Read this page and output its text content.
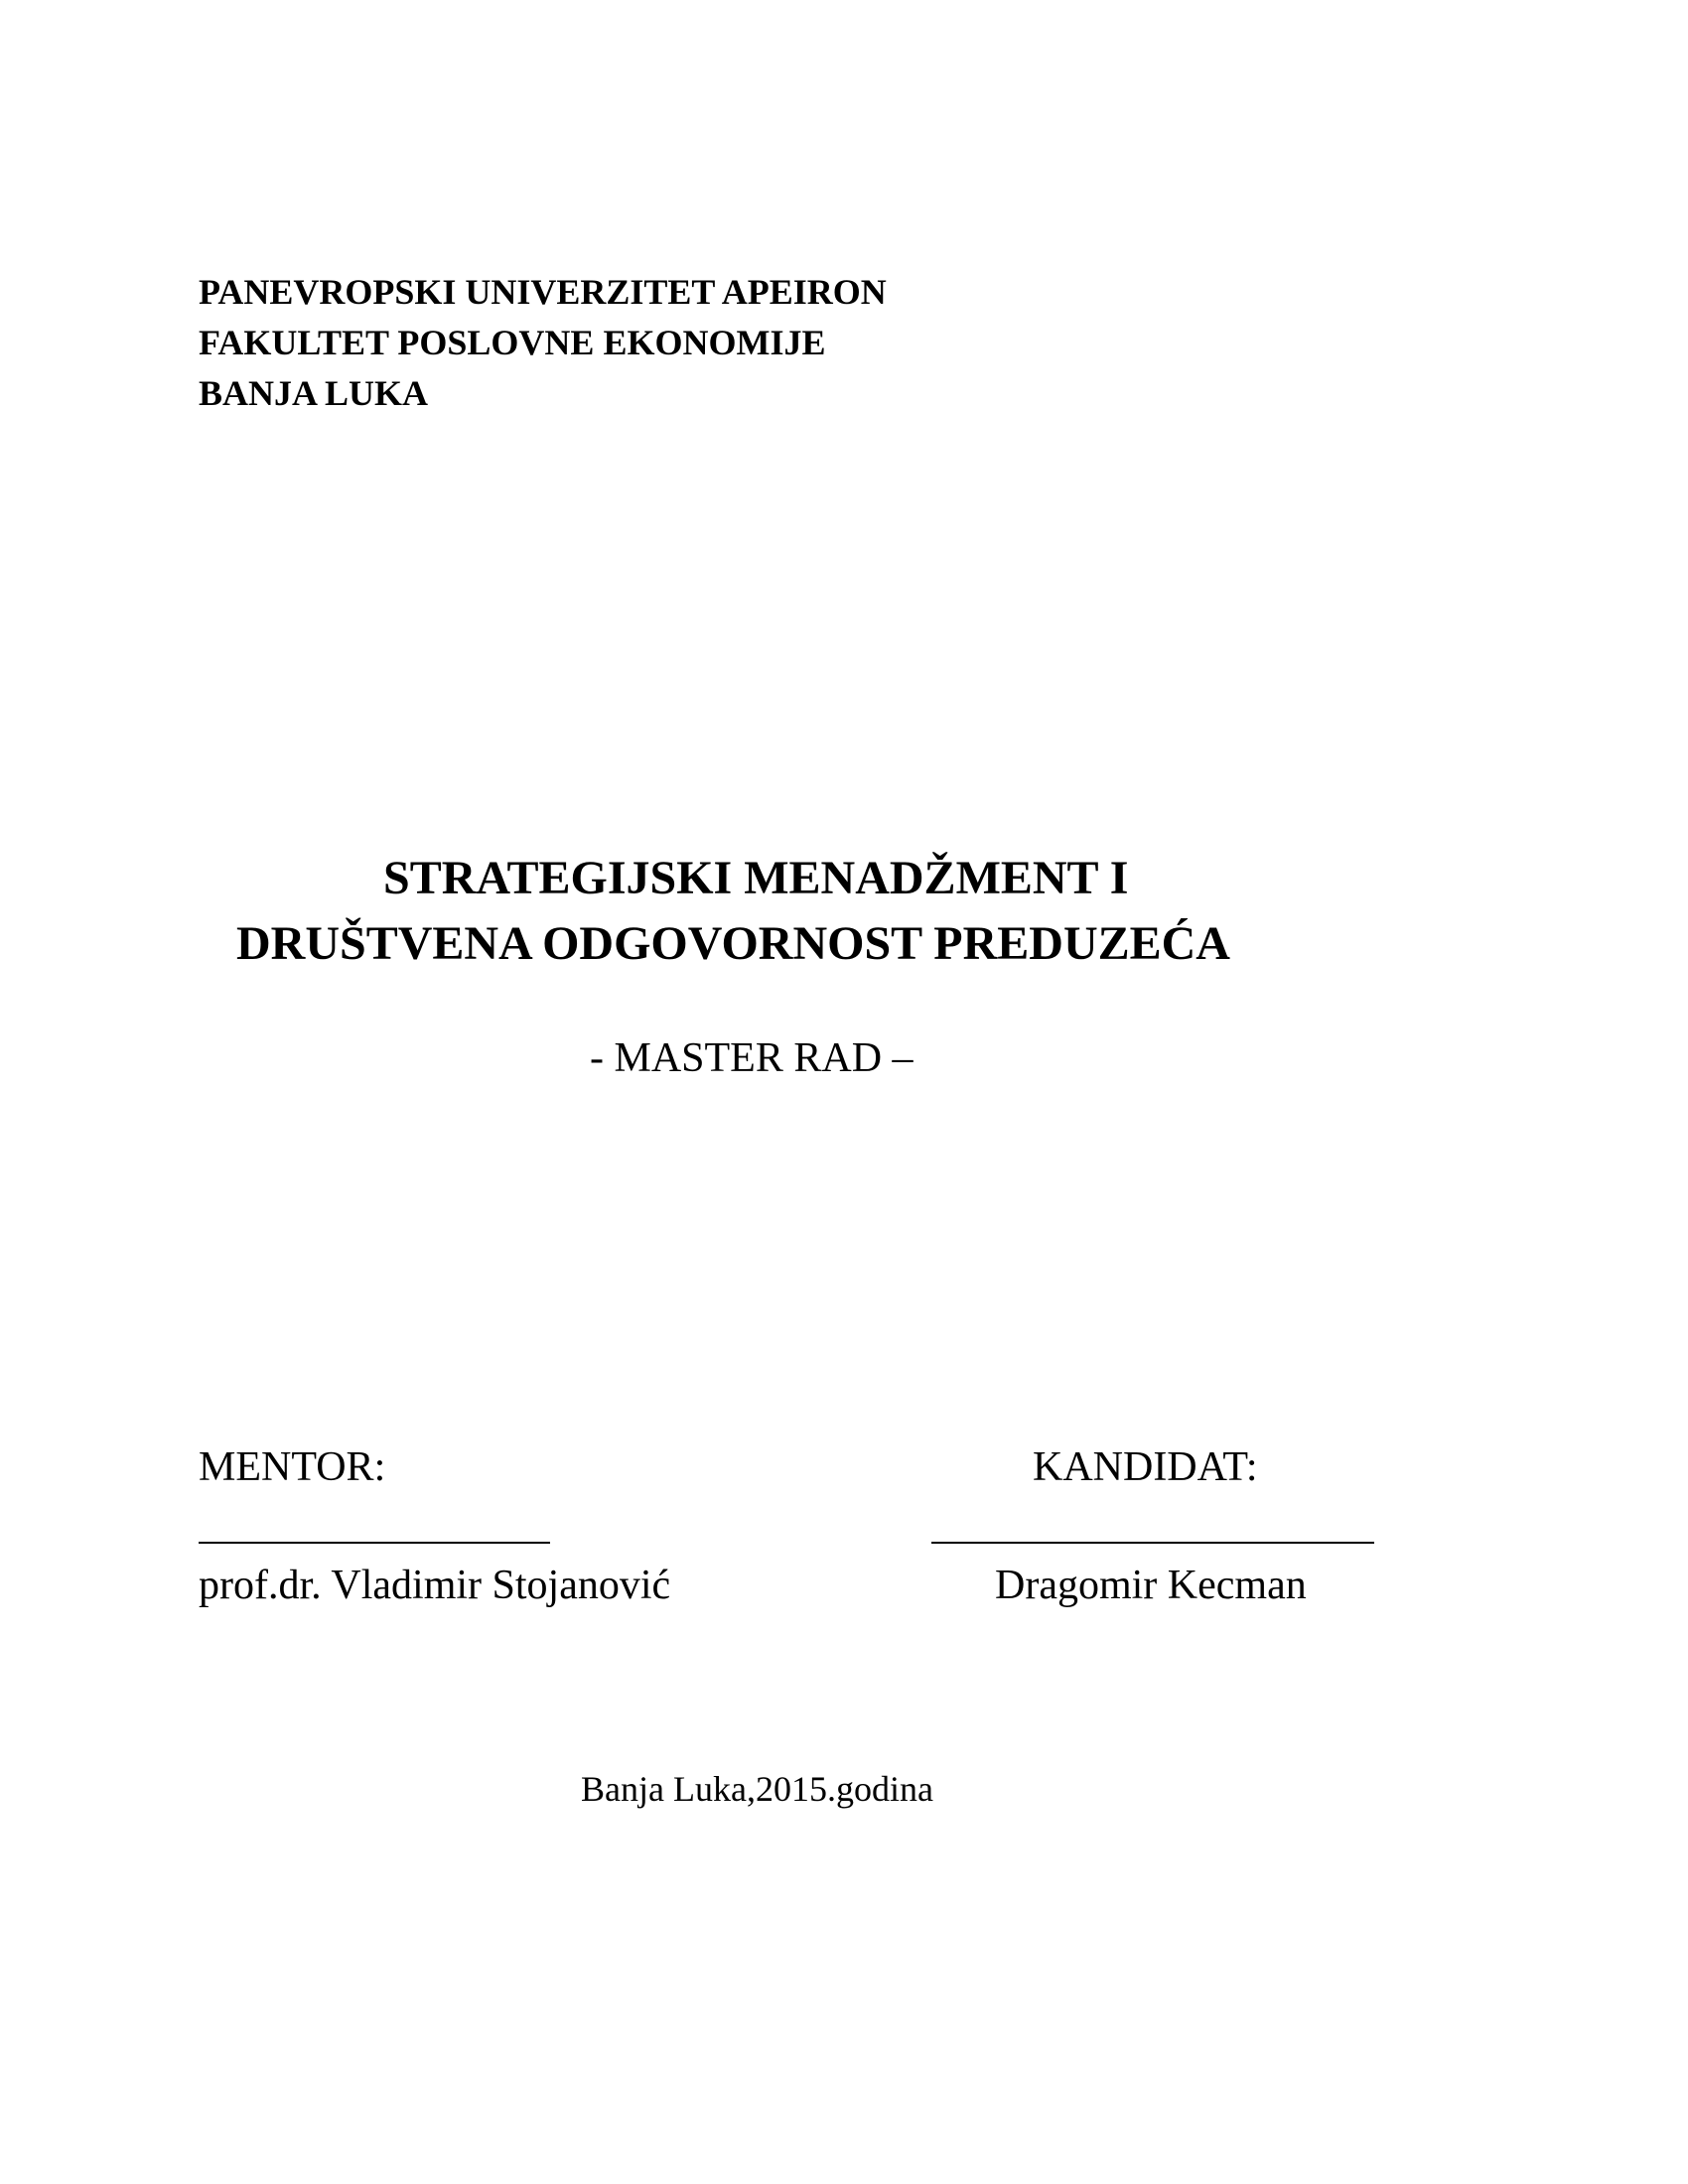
PANEVROPSKI UNIVERZITET APEIRON
FAKULTET POSLOVNE EKONOMIJE
BANJA LUKA
STRATEGIJSKI MENADŽMENT I
DRUŠTVENA ODGOVORNOST PREDUZEĆA
- MASTER RAD –
MENTOR:	KANDIDAT:
prof.dr. Vladimir Stojanović	Dragomir Kecman
Banja Luka,2015.godina
